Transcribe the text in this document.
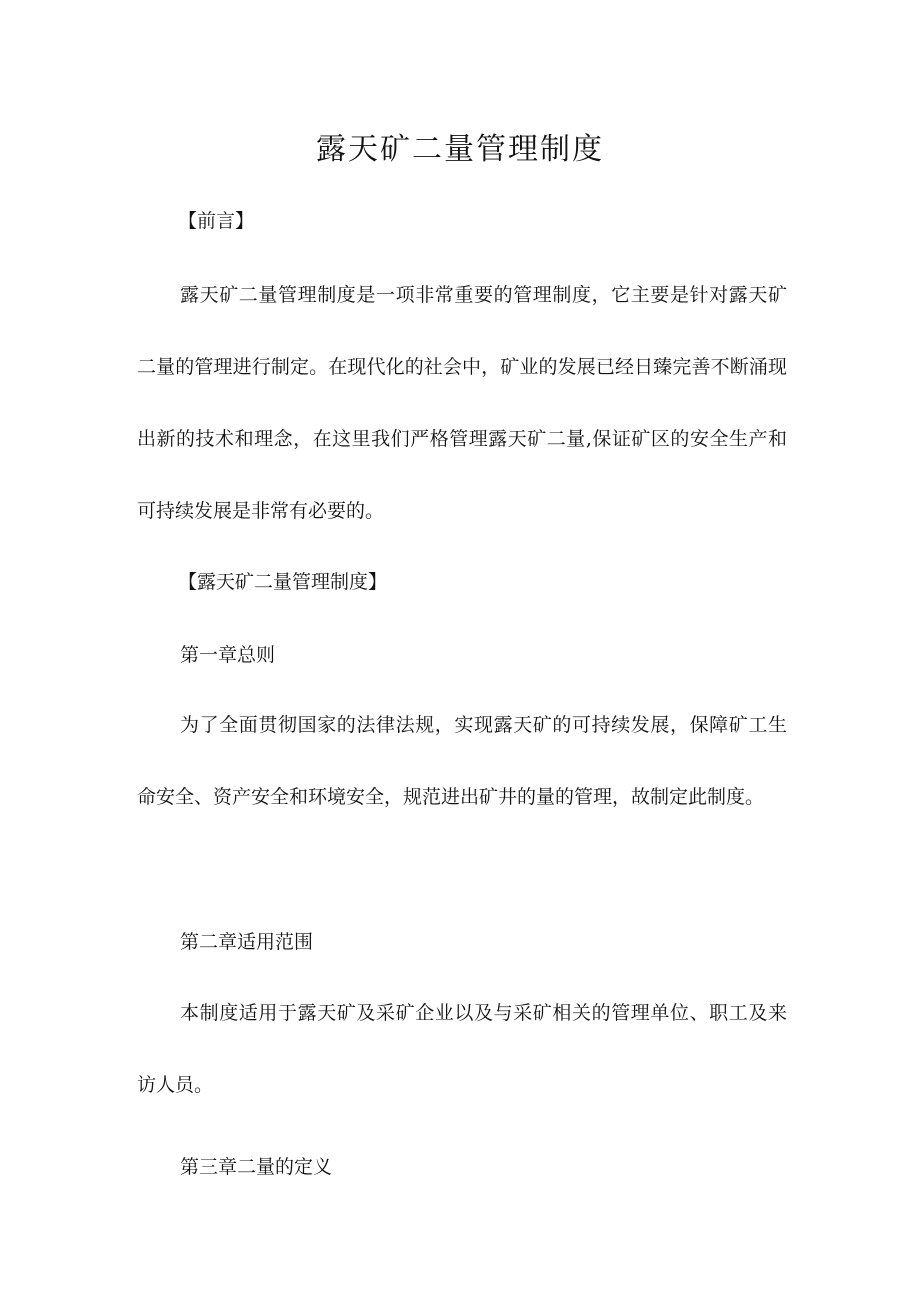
露天矿二量管理制度

【前言】

露天矿二量管理制度是一项非常重要的管理制度，它主要是针对露天矿二量的管理进行制定。在现代化的社会中，矿业的发展已经日臻完善不断涌现出新的技术和理念，在这里我们严格管理露天矿二量,保证矿区的安全生产和可持续发展是非常有必要的。

【露天矿二量管理制度】

第一章总则

为了全面贯彻国家的法律法规，实现露天矿的可持续发展，保障矿工生命安全、资产安全和环境安全，规范进出矿井的量的管理，故制定此制度。

第二章适用范围

本制度适用于露天矿及采矿企业以及与采矿相关的管理单位、职工及来访人员。

第三章二量的定义
